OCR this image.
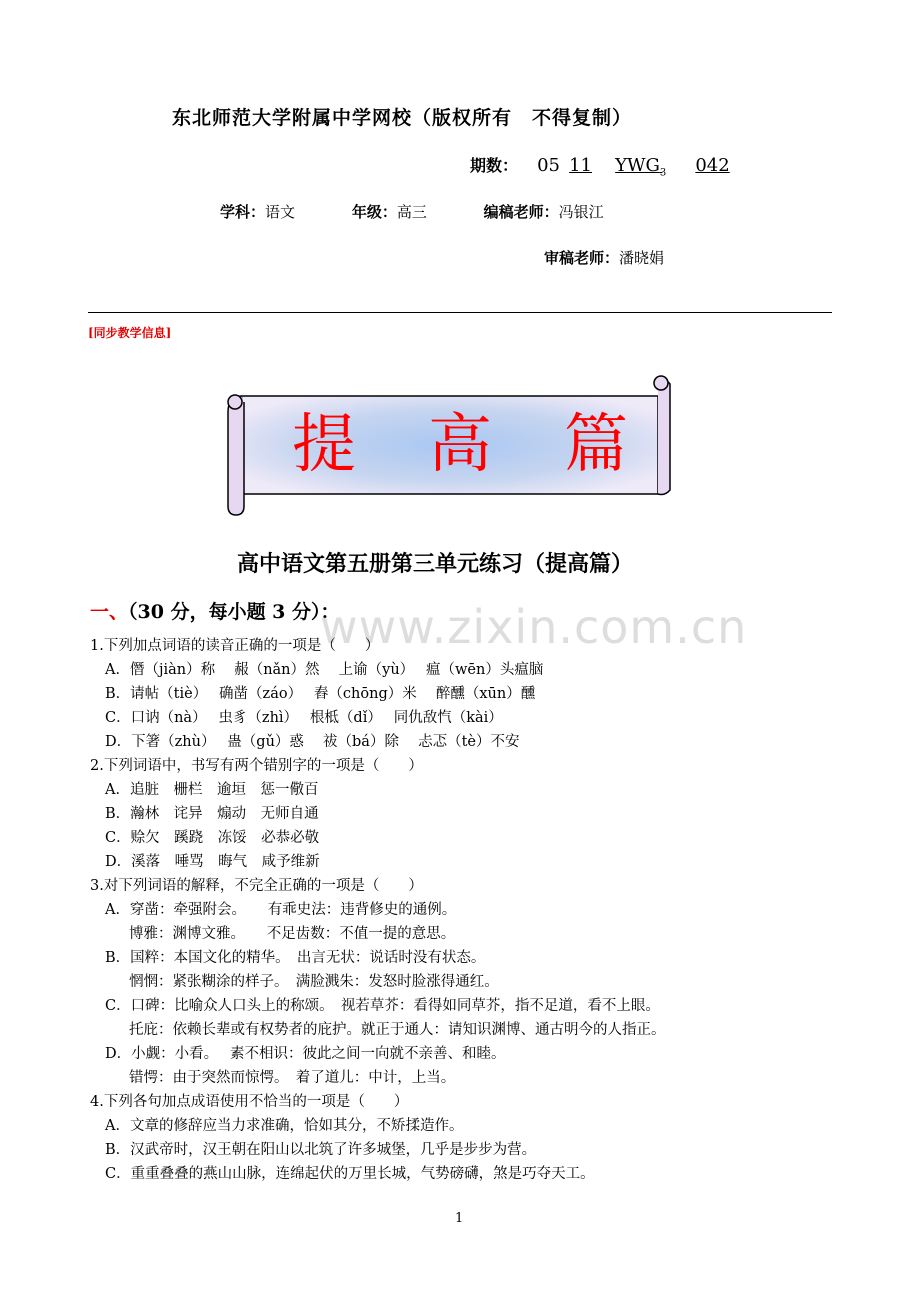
东北师范大学附属中学网校（版权所有　不得复制）
期数： 05 11 $YWG_3$ 042
学科：语文	年级：高三	编稿老师：冯银江
审稿老师：潘晓娟
[同步教学信息]
提　高　篇
高中语文第五册第三单元练习（提高篇）
一、（30 分，每小题 3 分）：
www.zixin.com.cn
1.下列加点词语的读音正确的一项是（　　）
A．僭（jiàn）称　 赧（nǎn）然　 上谕（yù）　 瘟（wēn）头瘟脑
B．请帖（tiè）　 确凿（záo）　 舂（chōng）米　 醉醺（xūn）醺
C．口讷（nà）　 虫豸（zhì）　 根柢（dǐ）　 同仇敌忾（kài）
D．下箸（zhù）　 蛊（gǔ）惑　 祓（bá）除　 忐忑（tè）不安
2.下列词语中，书写有两个错别字的一项是（　　）
A．追脏　栅栏　逾垣　惩一儆百
B．瀚林　诧异　煽动　无师自通
C．赊欠　蹊跷　冻馁　必恭必敬
D．溪落　唾骂　晦气　咸予维新
3.对下列词语的解释，不完全正确的一项是（　　）
A．穿凿：牵强附会。　　有乖史法：违背修史的通例。
博雅：渊博文雅。　　不足齿数：不值一提的意思。
B．国粹：本国文化的精华。　出言无状：说话时没有状态。
惘惘：紧张糊涂的样子。　满脸溅朱：发怒时脸涨得通红。
C．口碑：比喻众人口头上的称颂。　视若草芥：看得如同草芥，指不足道，看不上眼。
托庇：依赖长辈或有权势者的庇护。就正于通人：请知识渊博、通古明今的人指正。
D．小觑：小看。　 素不相识：彼此之间一向就不亲善、和睦。
错愕：由于突然而惊愕。　着了道儿：中计，上当。
4.下列各句加点成语使用不恰当的一项是（　　）
A．文章的修辞应当力求准确，恰如其分，不矫揉造作。
B．汉武帝时，汉王朝在阳山以北筑了许多城堡，几乎是步步为营。
C．重重叠叠的燕山山脉，连绵起伏的万里长城，气势磅礴，煞是巧夺天工。
1
